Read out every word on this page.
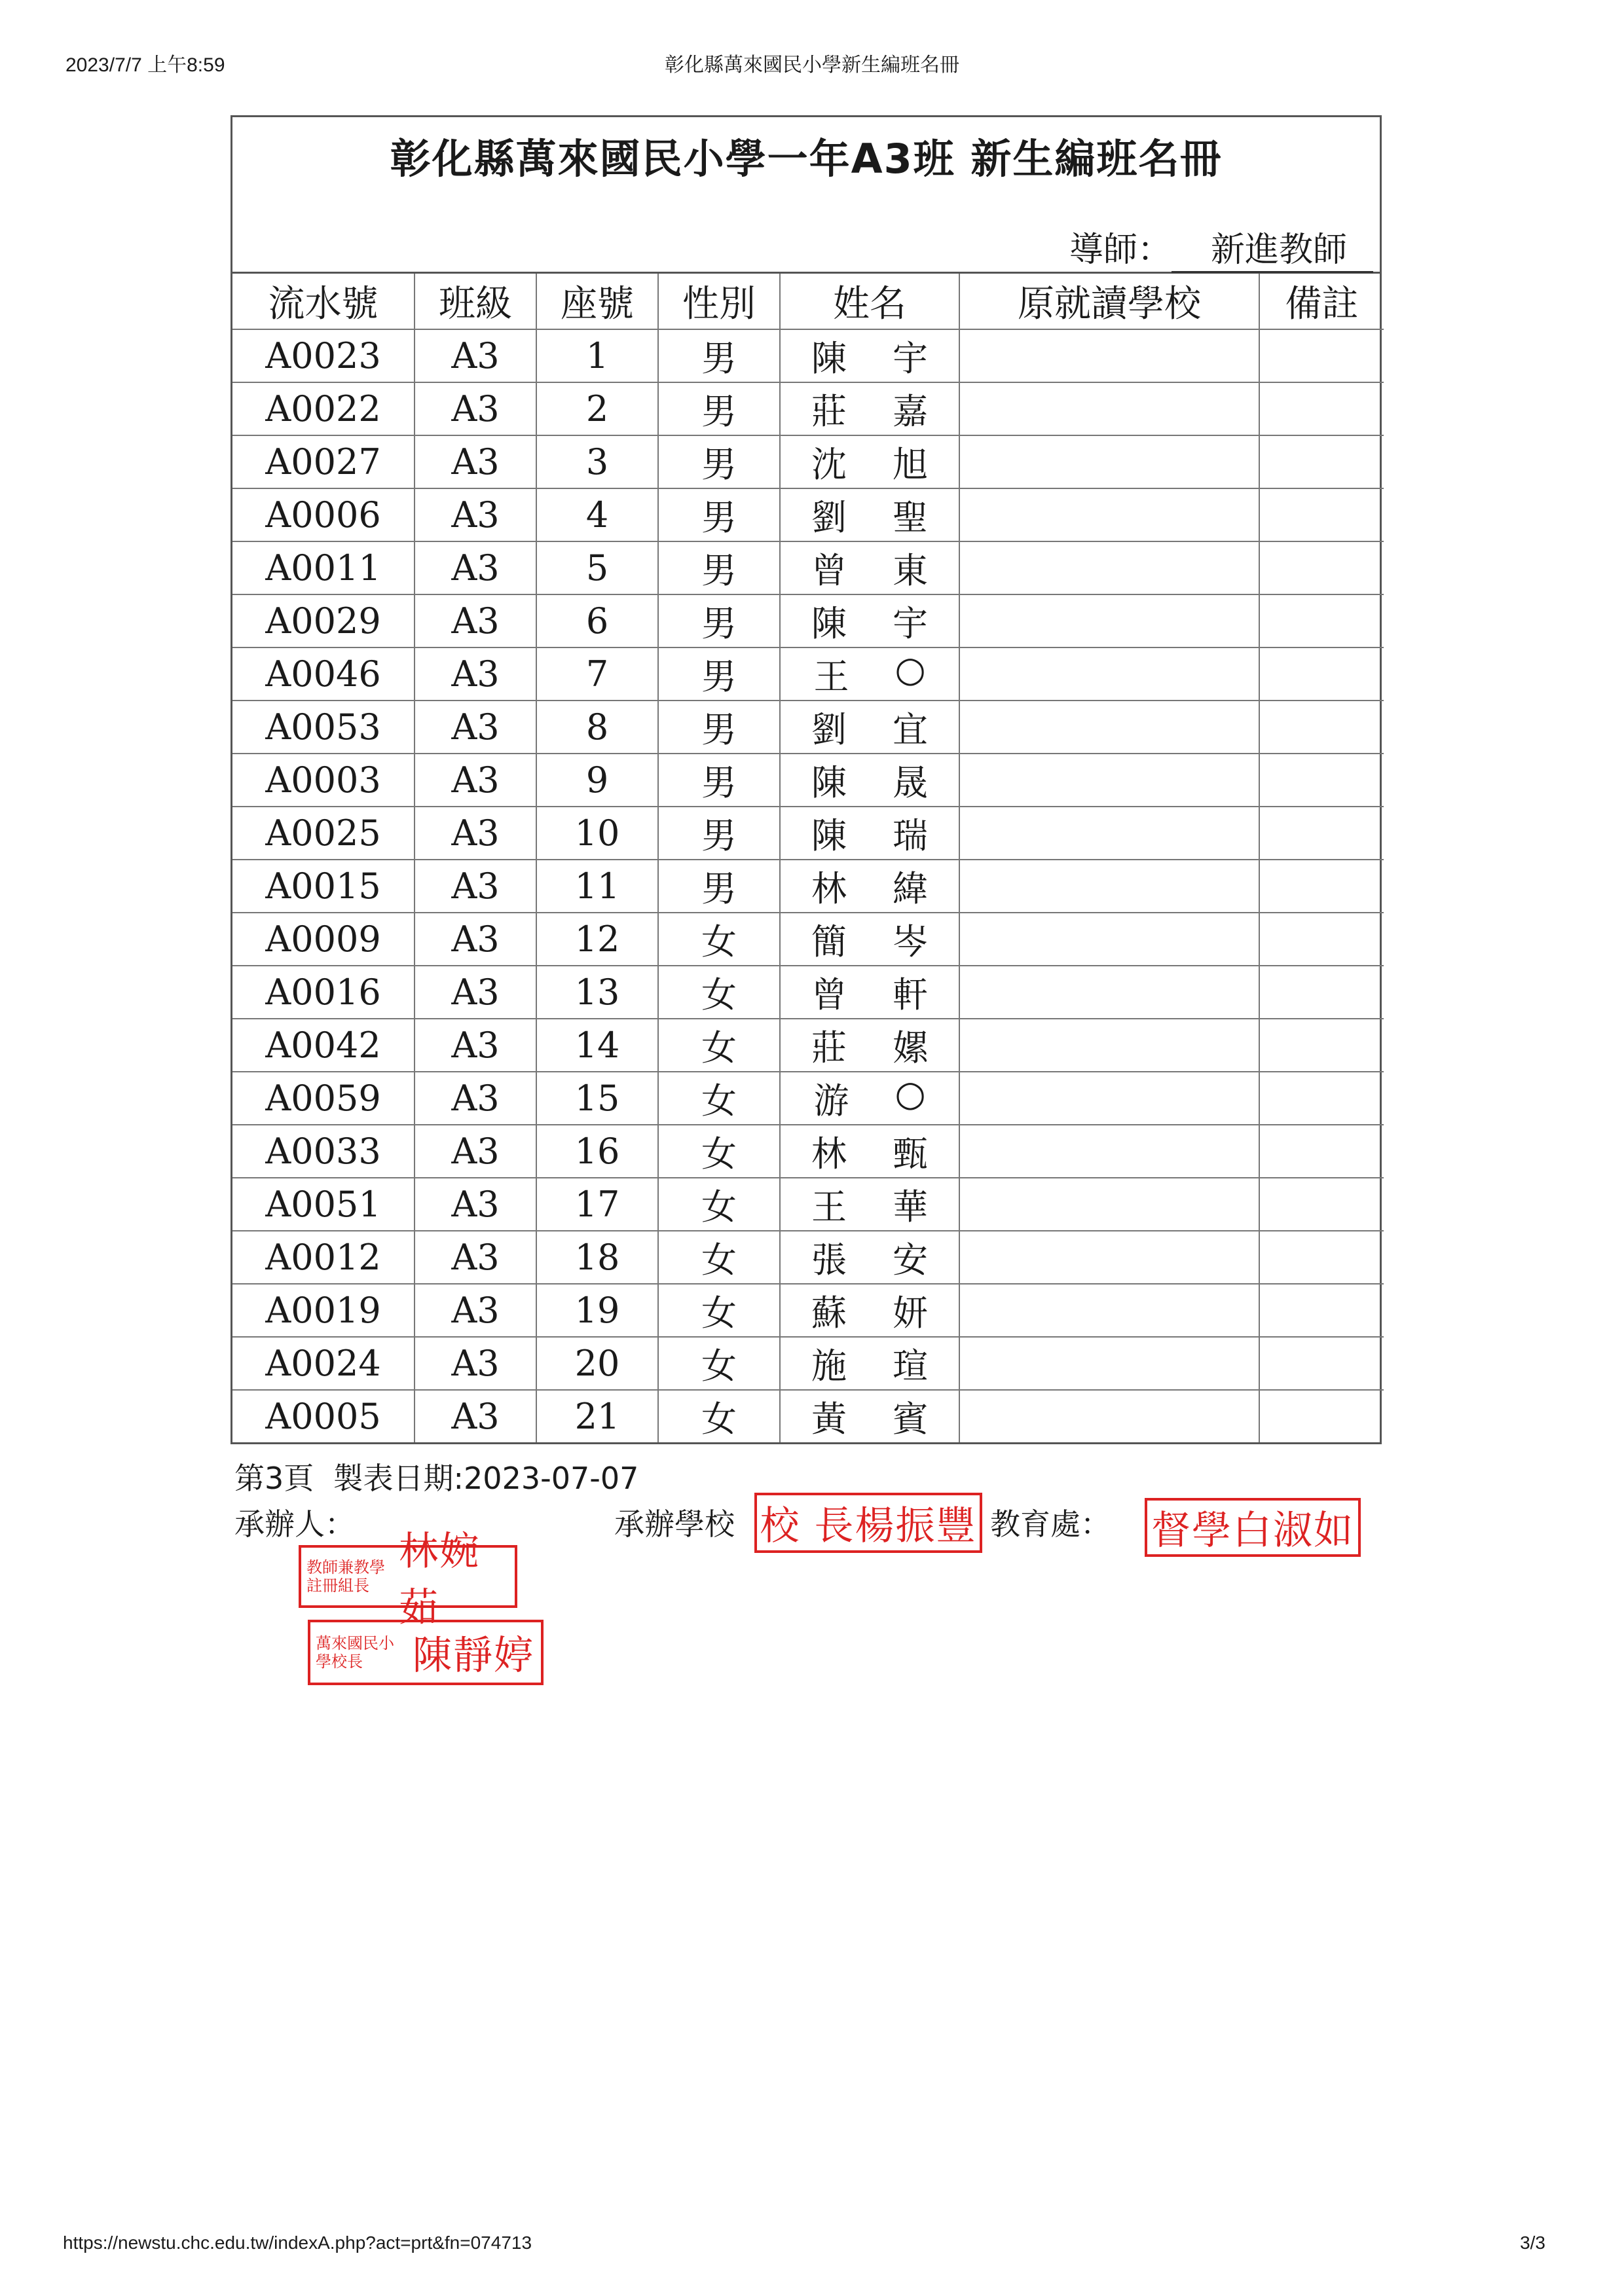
2023/7/7 上午8:59	彰化縣萬來國民小學新生編班名冊
彰化縣萬來國民小學一年A3班 新生編班名冊
導師： 新進教師
流水號	班級	座號	性別	姓名	原就讀學校	備註
A0023	A3	1	男	陳 宇		

A0022	A3	2	男	莊 嘉		

A0027	A3	3	男	沈 旭		

A0006	A3	4	男	劉 聖		

A0011	A3	5	男	曾 東		

A0029	A3	6	男	陳 宇		

A0046	A3	7	男	王 ○		

A0053	A3	8	男	劉 宜		

A0003	A3	9	男	陳 晟		

A0025	A3	10	男	陳 瑞		

A0015	A3	11	男	林 緯		

A0009	A3	12	女	簡 岑		

A0016	A3	13	女	曾 軒		

A0042	A3	14	女	莊 嫘		

A0059	A3	15	女	游 ○		

A0033	A3	16	女	林 甄		

A0051	A3	17	女	王 華		

A0012	A3	18	女	張 安		

A0019	A3	19	女	蘇 妍		

A0024	A3	20	女	施 瑄		

A0005	A3	21	女	黃 賓		

第3頁 製表日期:2023-07-07
承辦人：	承辦學校	教育處：
校 長楊振豐	督學白淑如
教師兼教學註冊組長
林婉茹
萬來國民小學校長	陳靜婷
https://newstu.chc.edu.tw/indexA.php?act=prt&fn=074713	3/3
